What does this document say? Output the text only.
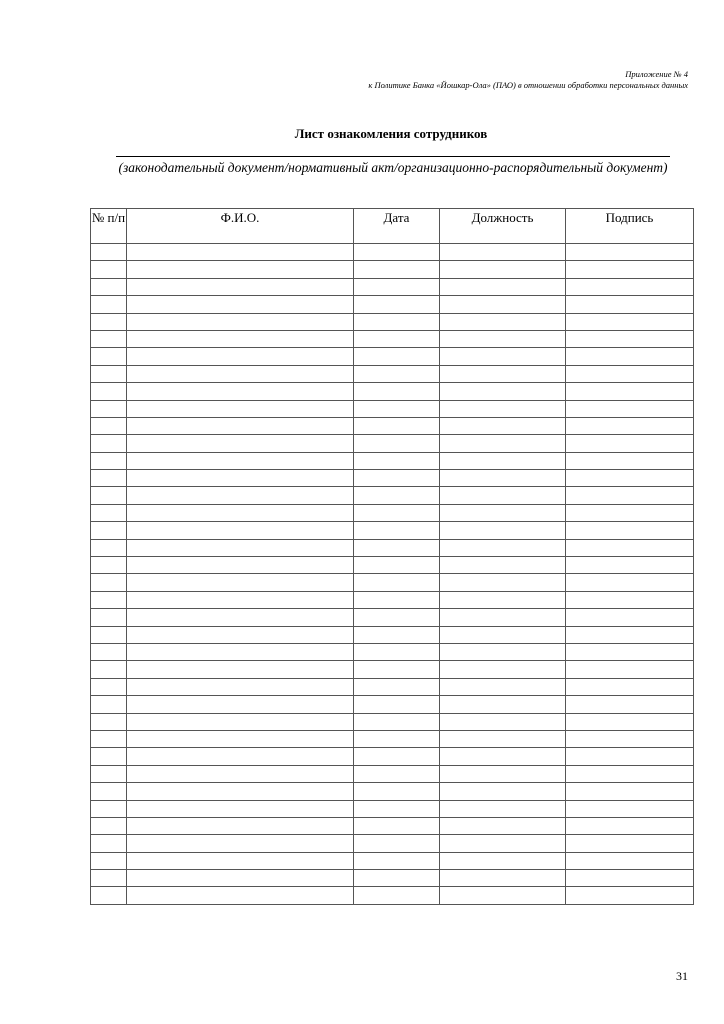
Приложение № 4
к Политике Банка «Йошкар-Ола» (ПАО) в отношении обработки персональных данных
Лист ознакомления сотрудников
(законодательный документ/нормативный акт/организационно-распорядительный документ)
№ п/п	Ф.И.О.	Дата	Должность	Подпись

31
